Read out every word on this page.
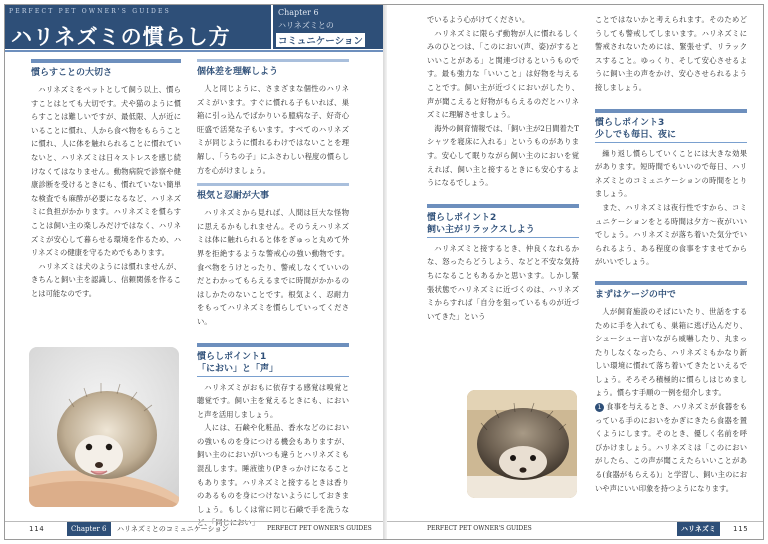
PERFECT PET OWNER'S GUIDES
ハリネズミの慣らし方
Chapter 6
ハリネズミとの
コミュニケーション
慣らすことの大切さ

ハリネズミをペットとして飼う以上、慣らすことはとても大切です。犬や猫のように慣らすことは難しいですが、最低限、人が近にいることに慣れ、人から食べ物をもらうことに慣れ、人に体を触れられることに慣れていないと、ハリネズミは日々ストレスを感じ続けなくてはなりません。動物病院で診察や健康診断を受けるときにも、慣れていない簡単な検査でも麻酔が必要になるなど、ハリネズミに負担がかかります。ハリネズミを慣らすことは飼い主の楽しみだけではなく、ハリネズミが安心して暮らせる環境を作るため、ハリネズミの健康を守るためでもあります。

ハリネズミは犬のようには慣れませんが、きちんと飼い主を認識し、信頼関係を作ることは可能なのです。

個体差を理解しよう

人と同じように、さまざまな個性のハリネズミがいます。すぐに慣れる子もいれば、巣箱に引っ込んでばかりいる臆病な子、好奇心旺盛で活発な子もいます。すべてのハリネズミが同じように慣れるわけではないことを理解し、「うちの子」にふさわしい程度の慣らし方を心がけましょう。

根気と忍耐が大事

ハリネズミから見れば、人間は巨大な怪物に思えるかもしれません。そのうえハリネズミは体に触れられると体をぎゅっと丸めて外界を拒絶するような警戒心の強い動物です。食べ物をうけとったり、警戒しなくていいのだとわかってもらえるまでに時間がかかるのはしかたのないことです。根気よく、忍耐力をもってハリネズミを慣らしていってください。

慣らしポイント1
「におい」と「声」

ハリネズミがおもに依存する感覚は嗅覚と聴覚です。飼い主を覚えるときにも、においと声を活用しましょう。

人には、石鹸や化粧品、香水などのにおいの強いものを身につける機会もありますが、飼い主のにおいがいつも違うとハリネズミも混乱します。睡液塗り(Pきっかけになることもあります。ハリネズミと接するときは香りのあるものを身につけないようにしておきましょう。もしくは常に同じ石鹸で手を洗うなど、「同じにおい」

114	Chapter 6	ハリネズミとのコミュニケーション	PERFECT PET OWNER'S GUIDES

でいるよう心がけてください。

ハリネズミに限らず動物が人に慣れるしくみのひとつは、「このにおい(声、姿)がするといいことがある」と関連づけるというものです。最も強力な「いいこと」は好物を与えることです。飼い主が近づくにおいがしたり、声が聞こえると好物がもらえるのだとハリネズミに理解させましょう。

海外の飼育情報では、「飼い主が2日間着たTシャツを寝床に入れる」というものがあります。安心して眠りながら飼い主のにおいを覚えれば、飼い主と接するときにも安心するようになるでしょう。

慣らしポイント2
飼い主がリラックスしよう

ハリネズミと接するとき、仲良くなれるかな、怒ったらどうしよう、などと不安な気持ちになることもあるかと思います。しかし緊張状態でハリネズミに近づくのは、ハリネズミからすれば「自分を狙っているものが近づいてきた」という

ことではないかと考えられます。そのためどうしても警戒してしまいます。ハリネズミに警戒されないためには、緊張せず、リラックスすること。ゆっくり、そして安心させるように飼い主の声をかけ、安心させられるよう接しましょう。

慣らしポイント3
少しでも毎日、夜に

繰り返し慣らしていくことには大きな効果があります。短時間でもいいので毎日、ハリネズミとのコミュニケーションの時間をとりましょう。

また、ハリネズミは夜行性ですから、コミュニケーションをとる時間は夕方〜夜がいいでしょう。ハリネズミが落ち着いた気分でいられるよう、ある程度の食事をすませてからがいいでしょう。

まずはケージの中で

人が飼育施設のそばにいたり、世話をするために手を入れても、巣箱に逃げ込んだり、シューシュー言いながら威嚇したり、丸まったりしなくなったら、ハリネズミもかなり新しい環境に慣れて落ち着いてきたといえるでしょう。そろそろ積極的に慣らしはじめましょう。慣らす手順の一例を紹介します。

1 食事を与えるとき、ハリネズミが食器をもっている手のにおいをかぎにきたら食器を置くようにします。そのとき、優しく名前を呼びかけましょう。ハリネズミは「このにおいがしたら、この声が聞こえたらいいことがある(食器がもらえる)」と学習し、飼い主のにおいや声にいい印象を持つようになります。

PERFECT PET OWNER'S GUIDES	ハリネズミ	115
